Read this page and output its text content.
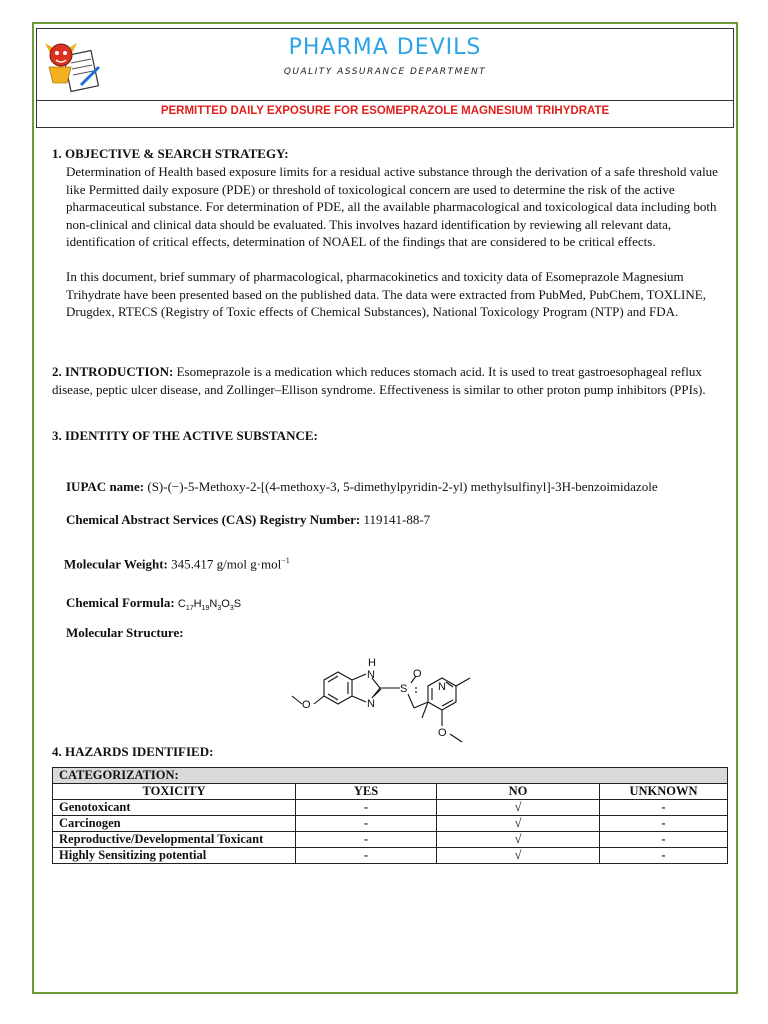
PHARMA DEVILS
QUALITY ASSURANCE DEPARTMENT
PERMITTED DAILY EXPOSURE FOR ESOMEPRAZOLE MAGNESIUM TRIHYDRATE
1. OBJECTIVE & SEARCH STRATEGY:
Determination of Health based exposure limits for a residual active substance through the derivation of a safe threshold value like Permitted daily exposure (PDE) or threshold of toxicological concern are used to determine the risk of the active pharmaceutical substance. For determination of PDE, all the available pharmacological and toxicological data including both non-clinical and clinical data should be evaluated. This involves hazard identification by reviewing all relevant data, identification of critical effects, determination of NOAEL of the findings that are considered to be critical effects.
In this document, brief summary of pharmacological, pharmacokinetics and toxicity data of Esomeprazole Magnesium Trihydrate have been presented based on the published data. The data were extracted from PubMed, PubChem, TOXLINE, Drugdex, RTECS (Registry of Toxic effects of Chemical Substances), National Toxicology Program (NTP) and FDA.
2. INTRODUCTION: Esomeprazole is a medication which reduces stomach acid. It is used to treat gastroesophageal reflux disease, peptic ulcer disease, and Zollinger–Ellison syndrome. Effectiveness is similar to other proton pump inhibitors (PPIs).
3. IDENTITY OF THE ACTIVE SUBSTANCE:
IUPAC name: (S)-(−)-5-Methoxy-2-[(4-methoxy-3, 5-dimethylpyridin-2-yl) methylsulfinyl]-3H-benzoimidazole
Chemical Abstract Services (CAS) Registry Number: 119141-88-7
Molecular Weight: 345.417 g/mol g·mol$^{-1}$
Chemical Formula: $C_{17}H_{19}N_3O_3S$
Molecular Structure:
O
H
N
N
S
O
N
O
4. HAZARDS IDENTIFIED:
CATEGORIZATION:			
TOXICITY	YES	NO	UNKNOWN
Genotoxicant	-	√	-
Carcinogen	-	√	-
Reproductive/Developmental Toxicant	-	√	-
Highly Sensitizing potential	-	√	-
